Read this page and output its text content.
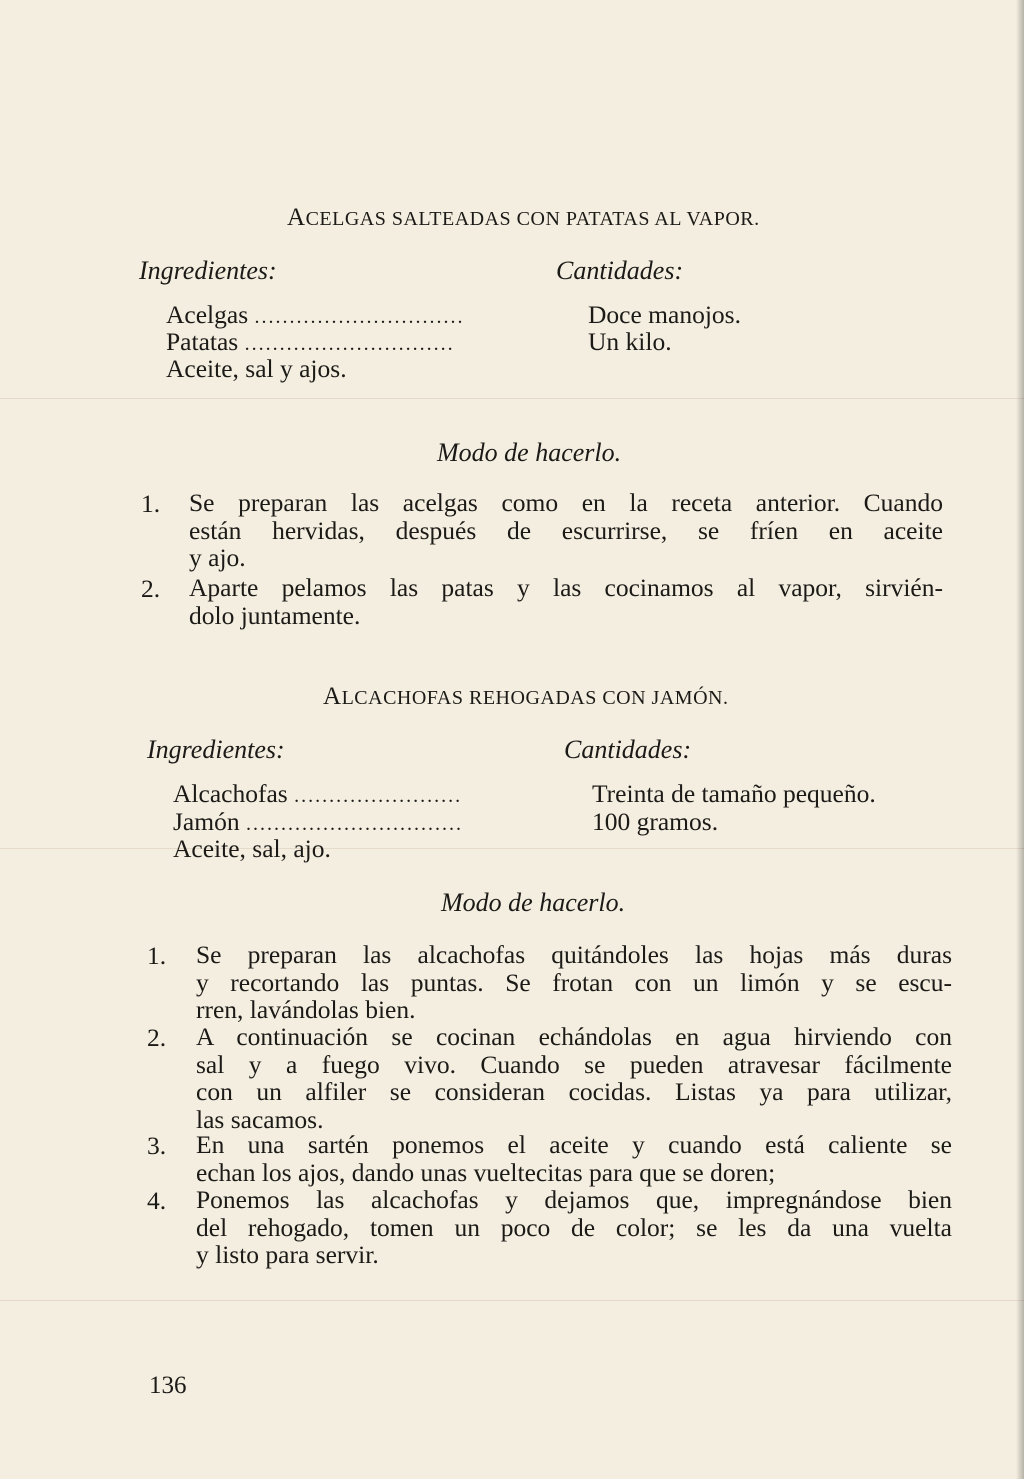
ACELGAS SALTEADAS CON PATATAS AL VAPOR.
Ingredientes:	Cantidades:
Acelgas ..............................	Doce manojos.
Patatas ..............................	Un kilo.
Aceite, sal y ajos.
Modo de hacerlo.
1. Se preparan las acelgas como en la receta anterior. Cuando
están hervidas, después de escurrirse, se fríen en aceite
y ajo.
2. Aparte pelamos las patas y las cocinamos al vapor, sirvién-
dolo juntamente.
ALCACHOFAS REHOGADAS CON JAMÓN.
Ingredientes:	Cantidades:
Alcachofas ........................	Treinta de tamaño pequeño.
Jamón ...............................	100 gramos.
Aceite, sal, ajo.
Modo de hacerlo.
1. Se preparan las alcachofas quitándoles las hojas más duras
y recortando las puntas. Se frotan con un limón y se escu-
rren, lavándolas bien.
2. A continuación se cocinan echándolas en agua hirviendo con
sal y a fuego vivo. Cuando se pueden atravesar fácilmente
con un alfiler se consideran cocidas. Listas ya para utilizar,
las sacamos.
3. En una sartén ponemos el aceite y cuando está caliente se
echan los ajos, dando unas vueltecitas para que se doren;
4. Ponemos las alcachofas y dejamos que, impregnándose bien
del rehogado, tomen un poco de color; se les da una vuelta
y listo para servir.
136
